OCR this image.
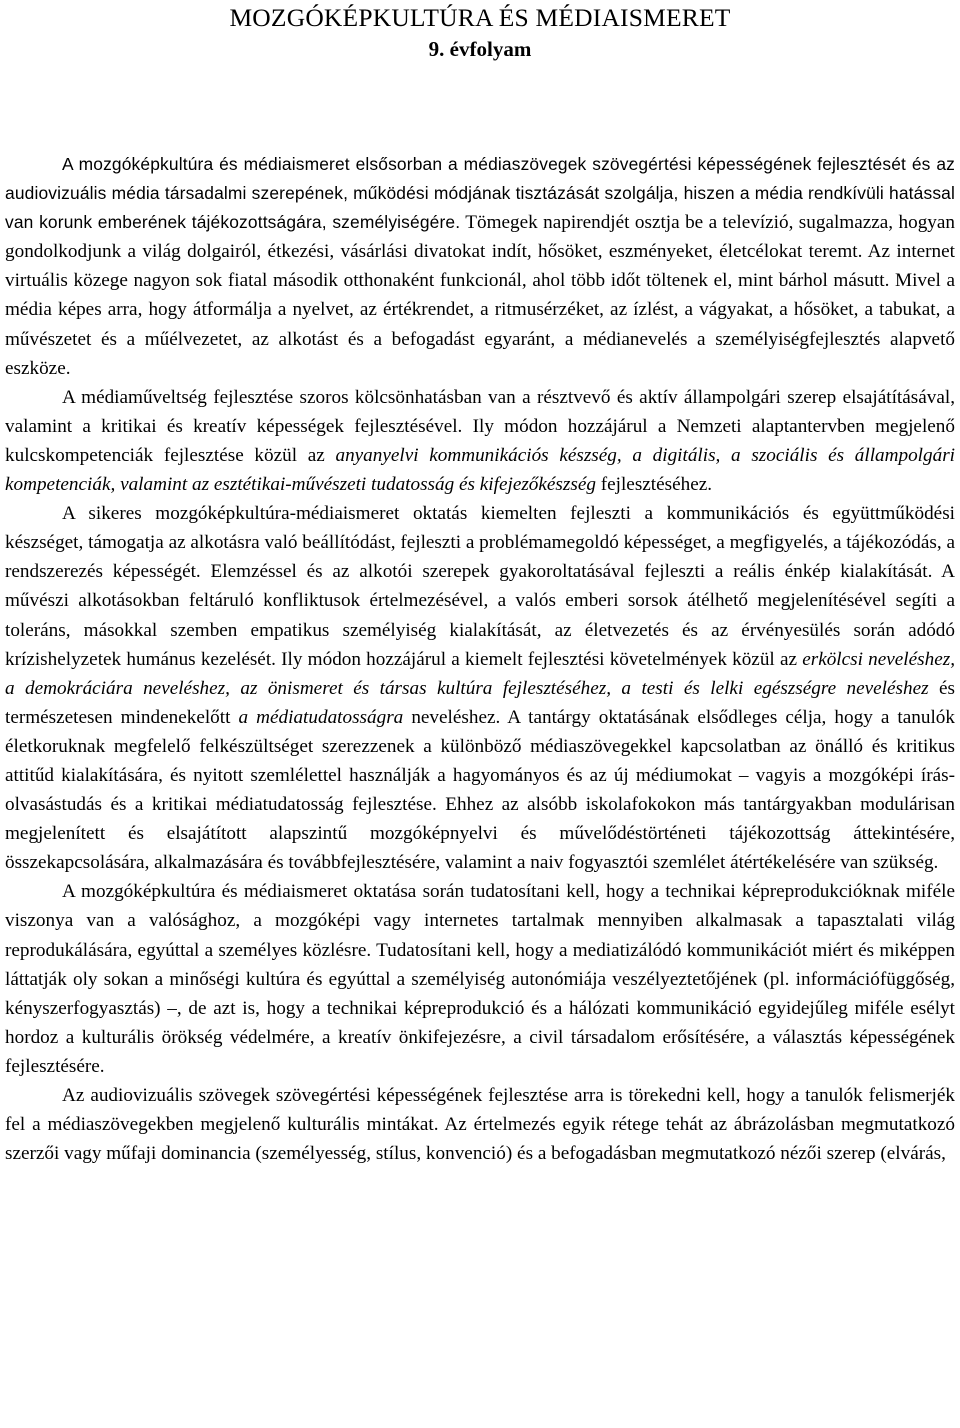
MOZGÓKÉPKULTÚRA ÉS MÉDIAISMERET
9. évfolyam

A mozgóképkultúra és médiaismeret elsősorban a médiaszövegek szövegértési képességének fejlesztését és az audiovizuális média társadalmi szerepének, működési módjának tisztázását szolgálja, hiszen a média rendkívüli hatással van korunk emberének tájékozottságára, személyiségére. Tömegek napirendjét osztja be a televízió, sugalmazza, hogyan gondolkodjunk a világ dolgairól, étkezési, vásárlási divatokat indít, hősöket, eszményeket, életcélokat teremt. Az internet virtuális közege nagyon sok fiatal második otthonaként funkcionál, ahol több időt töltenek el, mint bárhol másutt. Mivel a média képes arra, hogy átformálja a nyelvet, az értékrendet, a ritmusérzéket, az ízlést, a vágyakat, a hősöket, a tabukat, a művészetet és a műélvezetet, az alkotást és a befogadást egyaránt, a médianevelés a személyiségfejlesztés alapvető eszköze.

A médiaműveltség fejlesztése szoros kölcsönhatásban van a résztvevő és aktív állampolgári szerep elsajátításával, valamint a kritikai és kreatív képességek fejlesztésével. Ily módon hozzájárul a Nemzeti alaptantervben megjelenő kulcskompetenciák fejlesztése közül az anyanyelvi kommunikációs készség, a digitális, a szociális és állampolgári kompetenciák, valamint az esztétikai-művészeti tudatosság és kifejezőkészség fejlesztéséhez.

A sikeres mozgóképkultúra-médiaismeret oktatás kiemelten fejleszti a kommunikációs és együttműködési készséget, támogatja az alkotásra való beállítódást, fejleszti a problémamegoldó képességet, a megfigyelés, a tájékozódás, a rendszerezés képességét. Elemzéssel és az alkotói szerepek gyakoroltatásával fejleszti a reális énkép kialakítását. A művészi alkotásokban feltáruló konfliktusok értelmezésével, a valós emberi sorsok átélhető megjelenítésével segíti a toleráns, másokkal szemben empatikus személyiség kialakítását, az életvezetés és az érvényesülés során adódó krízishelyzetek humánus kezelését. Ily módon hozzájárul a kiemelt fejlesztési követelmények közül az erkölcsi neveléshez, a demokráciára neveléshez, az önismeret és társas kultúra fejlesztéséhez, a testi és lelki egészségre neveléshez és természetesen mindenekelőtt a médiatudatosságra neveléshez. A tantárgy oktatásának elsődleges célja, hogy a tanulók életkoruknak megfelelő felkészültséget szerezzenek a különböző médiaszövegekkel kapcsolatban az önálló és kritikus attitűd kialakítására, és nyitott szemlélettel használják a hagyományos és az új médiumokat – vagyis a mozgóképi írás-olvasástudás és a kritikai médiatudatosság fejlesztése. Ehhez az alsóbb iskolafokokon más tantárgyakban modulárisan megjelenített és elsajátított alapszintű mozgóképnyelvi és művelődéstörténeti tájékozottság áttekintésére, összekapcsolására, alkalmazására és továbbfejlesztésére, valamint a naiv fogyasztói szemlélet átértékelésére van szükség.

A mozgóképkultúra és médiaismeret oktatása során tudatosítani kell, hogy a technikai képreprodukcióknak miféle viszonya van a valósághoz, a mozgóképi vagy internetes tartalmak mennyiben alkalmasak a tapasztalati világ reprodukálására, egyúttal a személyes közlésre. Tudatosítani kell, hogy a mediatizálódó kommunikációt miért és miképpen láttatják oly sokan a minőségi kultúra és egyúttal a személyiség autonómiája veszélyeztetőjének (pl. információfüggőség, kényszerfogyasztás) –, de azt is, hogy a technikai képreprodukció és a hálózati kommunikáció egyidejűleg miféle esélyt hordoz a kulturális örökség védelmére, a kreatív önkifejezésre, a civil társadalom erősítésére, a választás képességének fejlesztésére.

Az audiovizuális szövegek szövegértési képességének fejlesztése arra is törekedni kell, hogy a tanulók felismerjék fel a médiaszövegekben megjelenő kulturális mintákat. Az értelmezés egyik rétege tehát az ábrázolásban megmutatkozó szerzői vagy műfaji dominancia (személyesség, stílus, konvenció) és a befogadásban megmutatkozó nézői szerep (elvárás,
